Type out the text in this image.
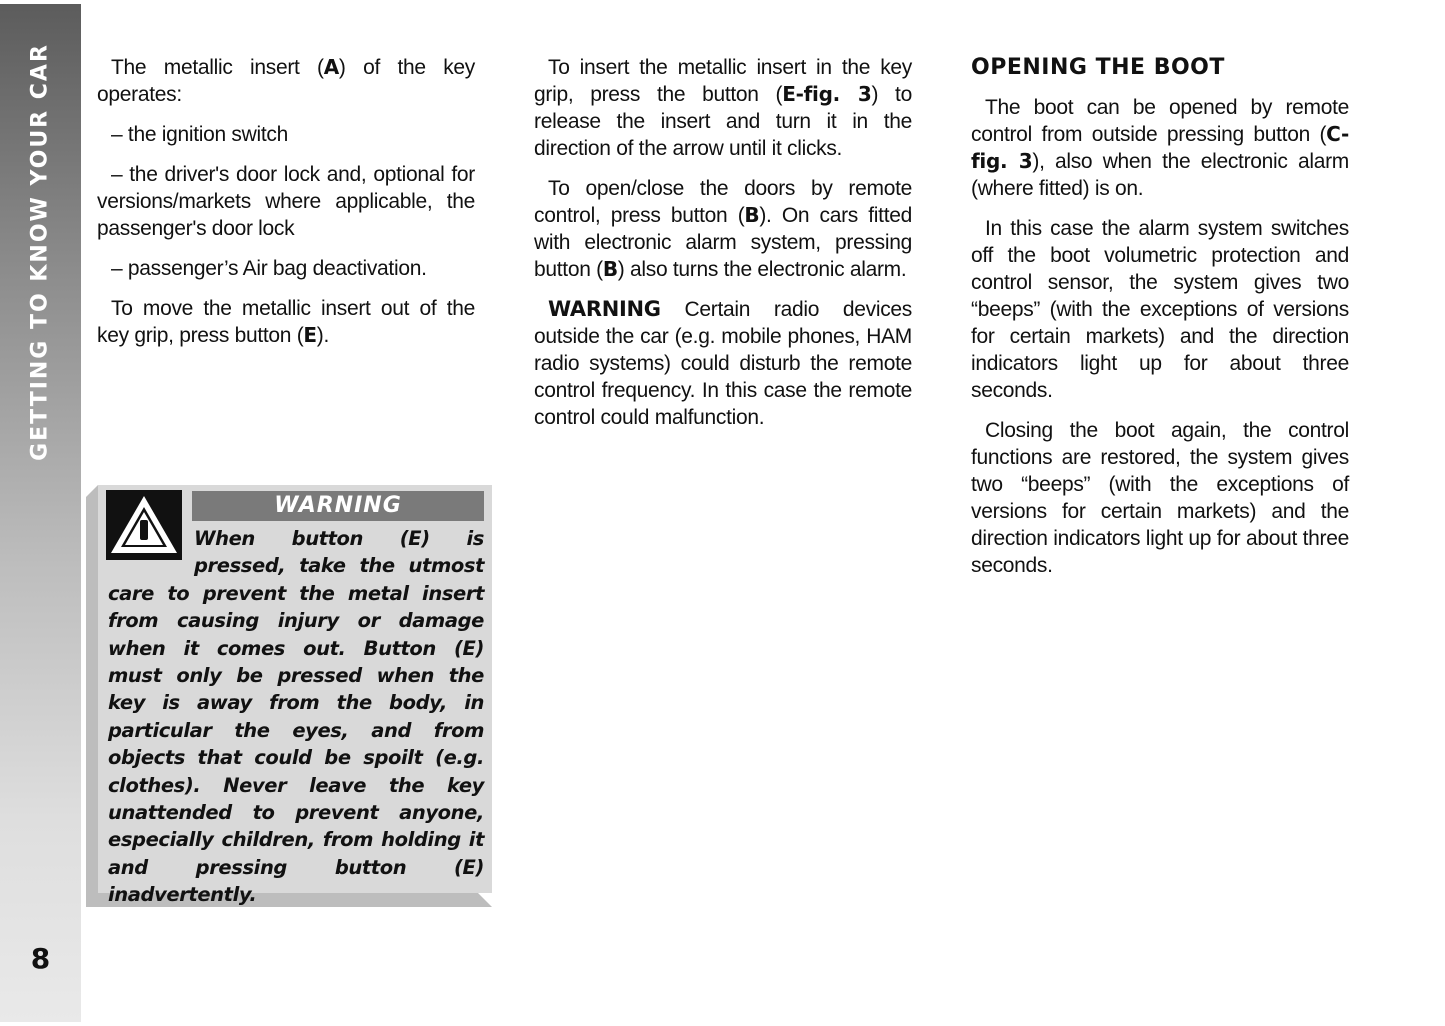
GETTING TO KNOW YOUR CAR
8

The metallic insert (A) of the key operates:

– the ignition switch

– the driver's door lock and, optional for versions/markets where applicable, the passenger's door lock

– passenger’s Air bag deactivation.

To move the metallic insert out of the key grip, press button (E).

WARNING
When button (E) is pressed, take the utmost care to prevent the metal insert from causing injury or damage when it comes out. Button (E) must only be pressed when the key is away from the body, in particular the eyes, and from objects that could be spoilt (e.g. clothes). Never leave the key unattended to prevent anyone, especially children, from holding it and pressing button (E) inadvertently.

To insert the metallic insert in the key grip, press the button (E-fig. 3) to release the insert and turn it in the direction of the arrow until it clicks.

To open/close the doors by remote control, press button (B). On cars fitted with electronic alarm system, pressing button (B) also turns the electronic alarm.

WARNING Certain radio devices outside the car (e.g. mobile phones, HAM radio systems) could disturb the remote control frequency. In this case the remote control could malfunction.

OPENING THE BOOT

The boot can be opened by remote control from outside pressing button (C-fig. 3), also when the electronic alarm (where fitted) is on.

In this case the alarm system switches off the boot volumetric protection and control sensor, the system gives two “beeps” (with the exceptions of versions for certain markets) and the direction indicators light up for about three seconds.

Closing the boot again, the control functions are restored, the system gives two “beeps” (with the exceptions of versions for certain markets) and the direction indicators light up for about three seconds.
